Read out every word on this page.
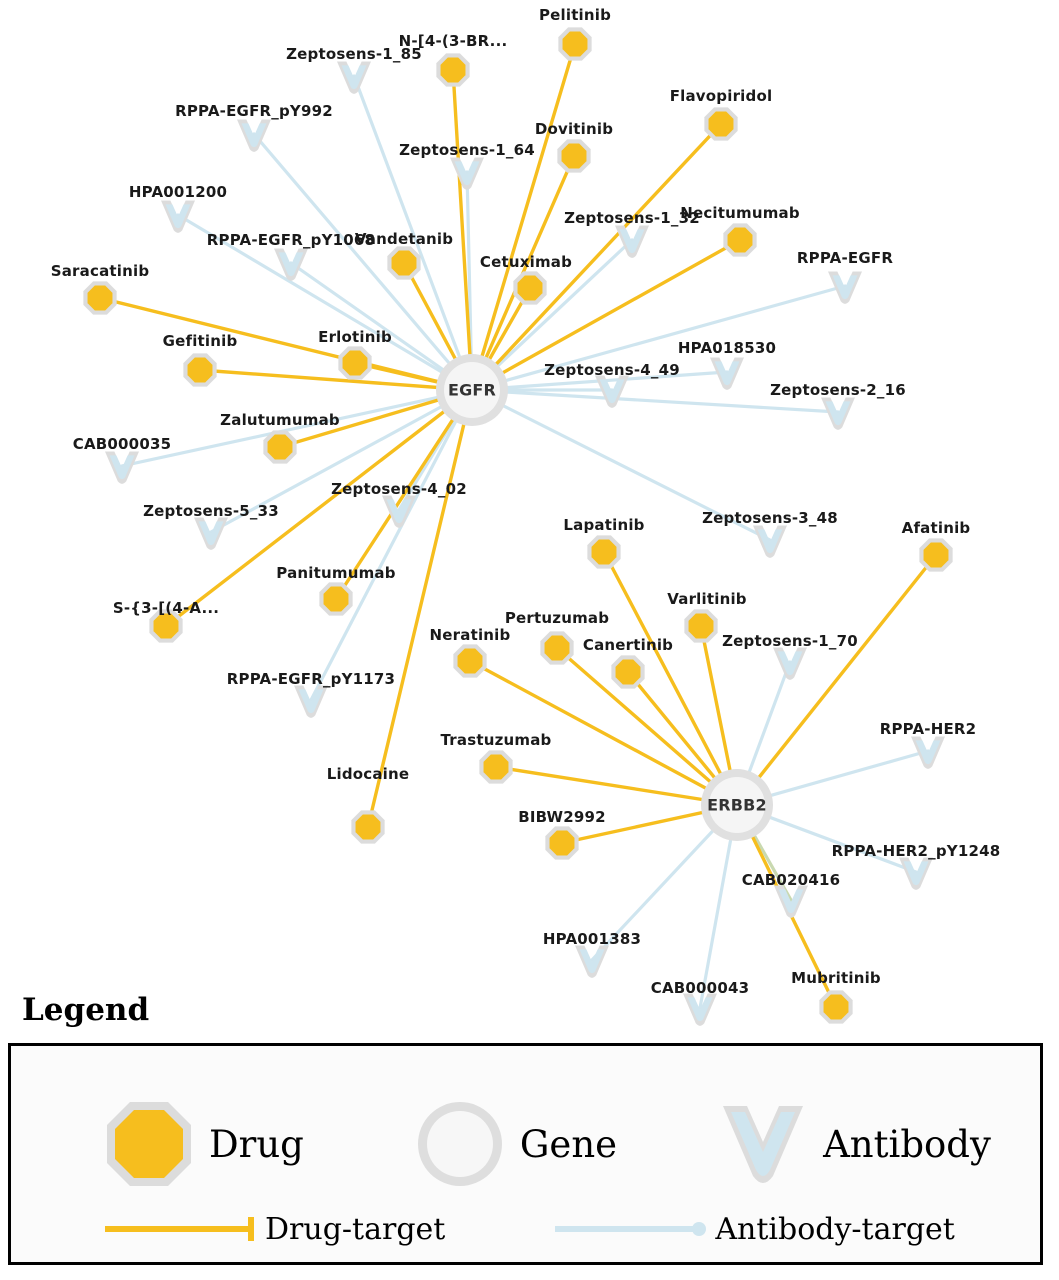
Zeptosens-1_85
RPPA-EGFR_pY992
Zeptosens-1_64
HPA001200
Zeptosens-1_32
RPPA-EGFR_pY1068
RPPA-EGFR
HPA018530
Zeptosens-4_49
Zeptosens-2_16
CAB000035
Zeptosens-4_02
Zeptosens-5_33	Zeptosens-3_48
Zeptosens-1_70
RPPA-EGFR_pY1173
RPPA-HER2
RPPA-HER2_pY1248
CAB020416
HPA001383
CAB000043
Pelitinib
N-[4-(3-BR...
Flavopiridol
Dovitinib
Necitumumab
Vandetanib
Cetuximab
Saracatinib
Erlotinib
Gefitinib
Zalutumumab
Lapatinib	Afatinib
Varlitinib
Panitumumab
S-{3-[(4-A...
Pertuzumab
Neratinib
Canertinib
Trastuzumab
Lidocaine
BIBW2992
Mubritinib
EGFR
ERBB2
Legend
Drug	Gene	Antibody
Drug-target	Antibody-target
